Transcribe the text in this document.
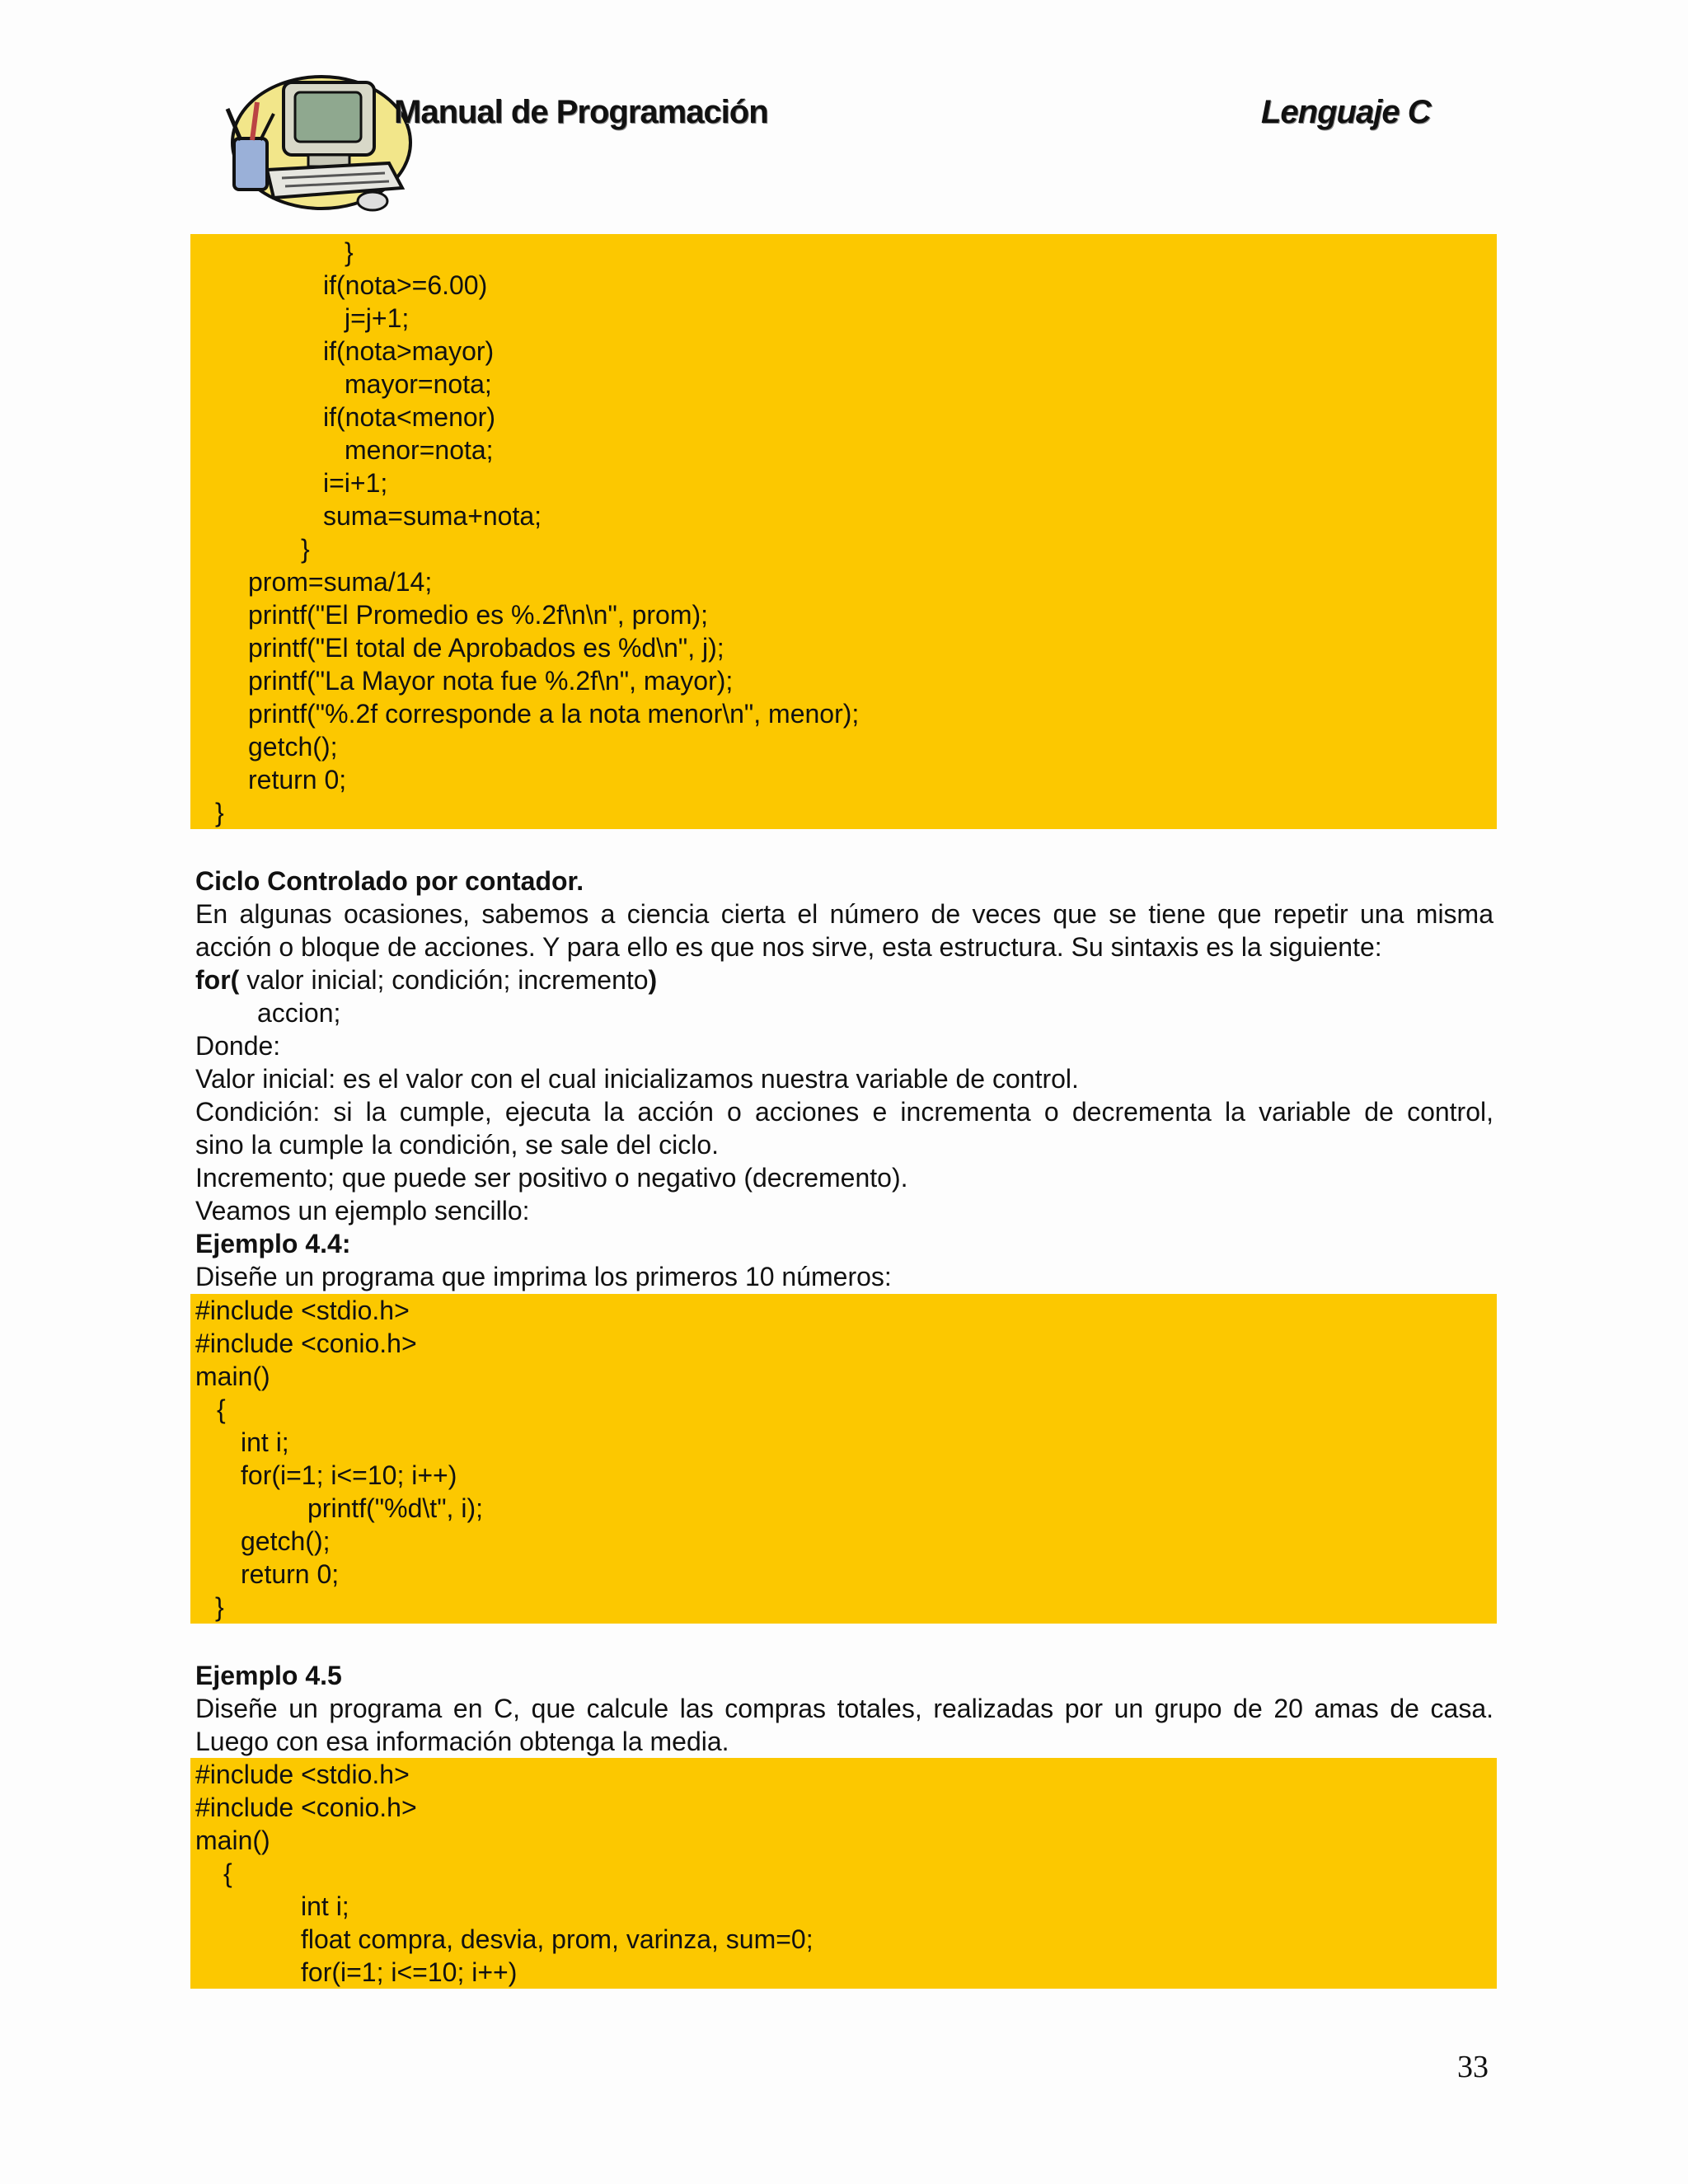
Manual de Programación	Lenguaje C
}
if(nota>=6.00)
j=j+1;
if(nota>mayor)
mayor=nota;
if(nota<menor)
menor=nota;
i=i+1;
suma=suma+nota;
}
prom=suma/14;
printf("El Promedio es %.2f\n\n", prom);
printf("El total de Aprobados es %d\n", j);
printf("La Mayor nota fue %.2f\n", mayor);
printf("%.2f corresponde a la nota menor\n", menor);
getch();
return 0;
}
Ciclo Controlado por contador.
En algunas ocasiones, sabemos a ciencia cierta el número de veces que se tiene que repetir una misma
acción o bloque de acciones. Y para ello es que nos sirve, esta estructura. Su sintaxis es la siguiente:
for( valor inicial; condición; incremento)
accion;
Donde:
Valor inicial: es el valor con el cual inicializamos nuestra variable de control.
Condición: si la cumple, ejecuta la acción o acciones e incrementa o decrementa la variable de control,
sino la cumple la condición, se sale del ciclo.
Incremento; que puede ser positivo o negativo (decremento).
Veamos un ejemplo sencillo:
Ejemplo 4.4:
Diseñe un programa que imprima los primeros 10 números:
#include <stdio.h>
#include <conio.h>
main()
{
int i;
for(i=1; i<=10; i++)
printf("%d\t", i);
getch();
return 0;
}
Ejemplo 4.5
Diseñe un programa en C, que calcule las compras totales, realizadas por un grupo de 20 amas de casa.
Luego con esa información obtenga la media.
#include <stdio.h>
#include <conio.h>
main()
{
int i;
float compra, desvia, prom, varinza, sum=0;
for(i=1; i<=10; i++)
33
